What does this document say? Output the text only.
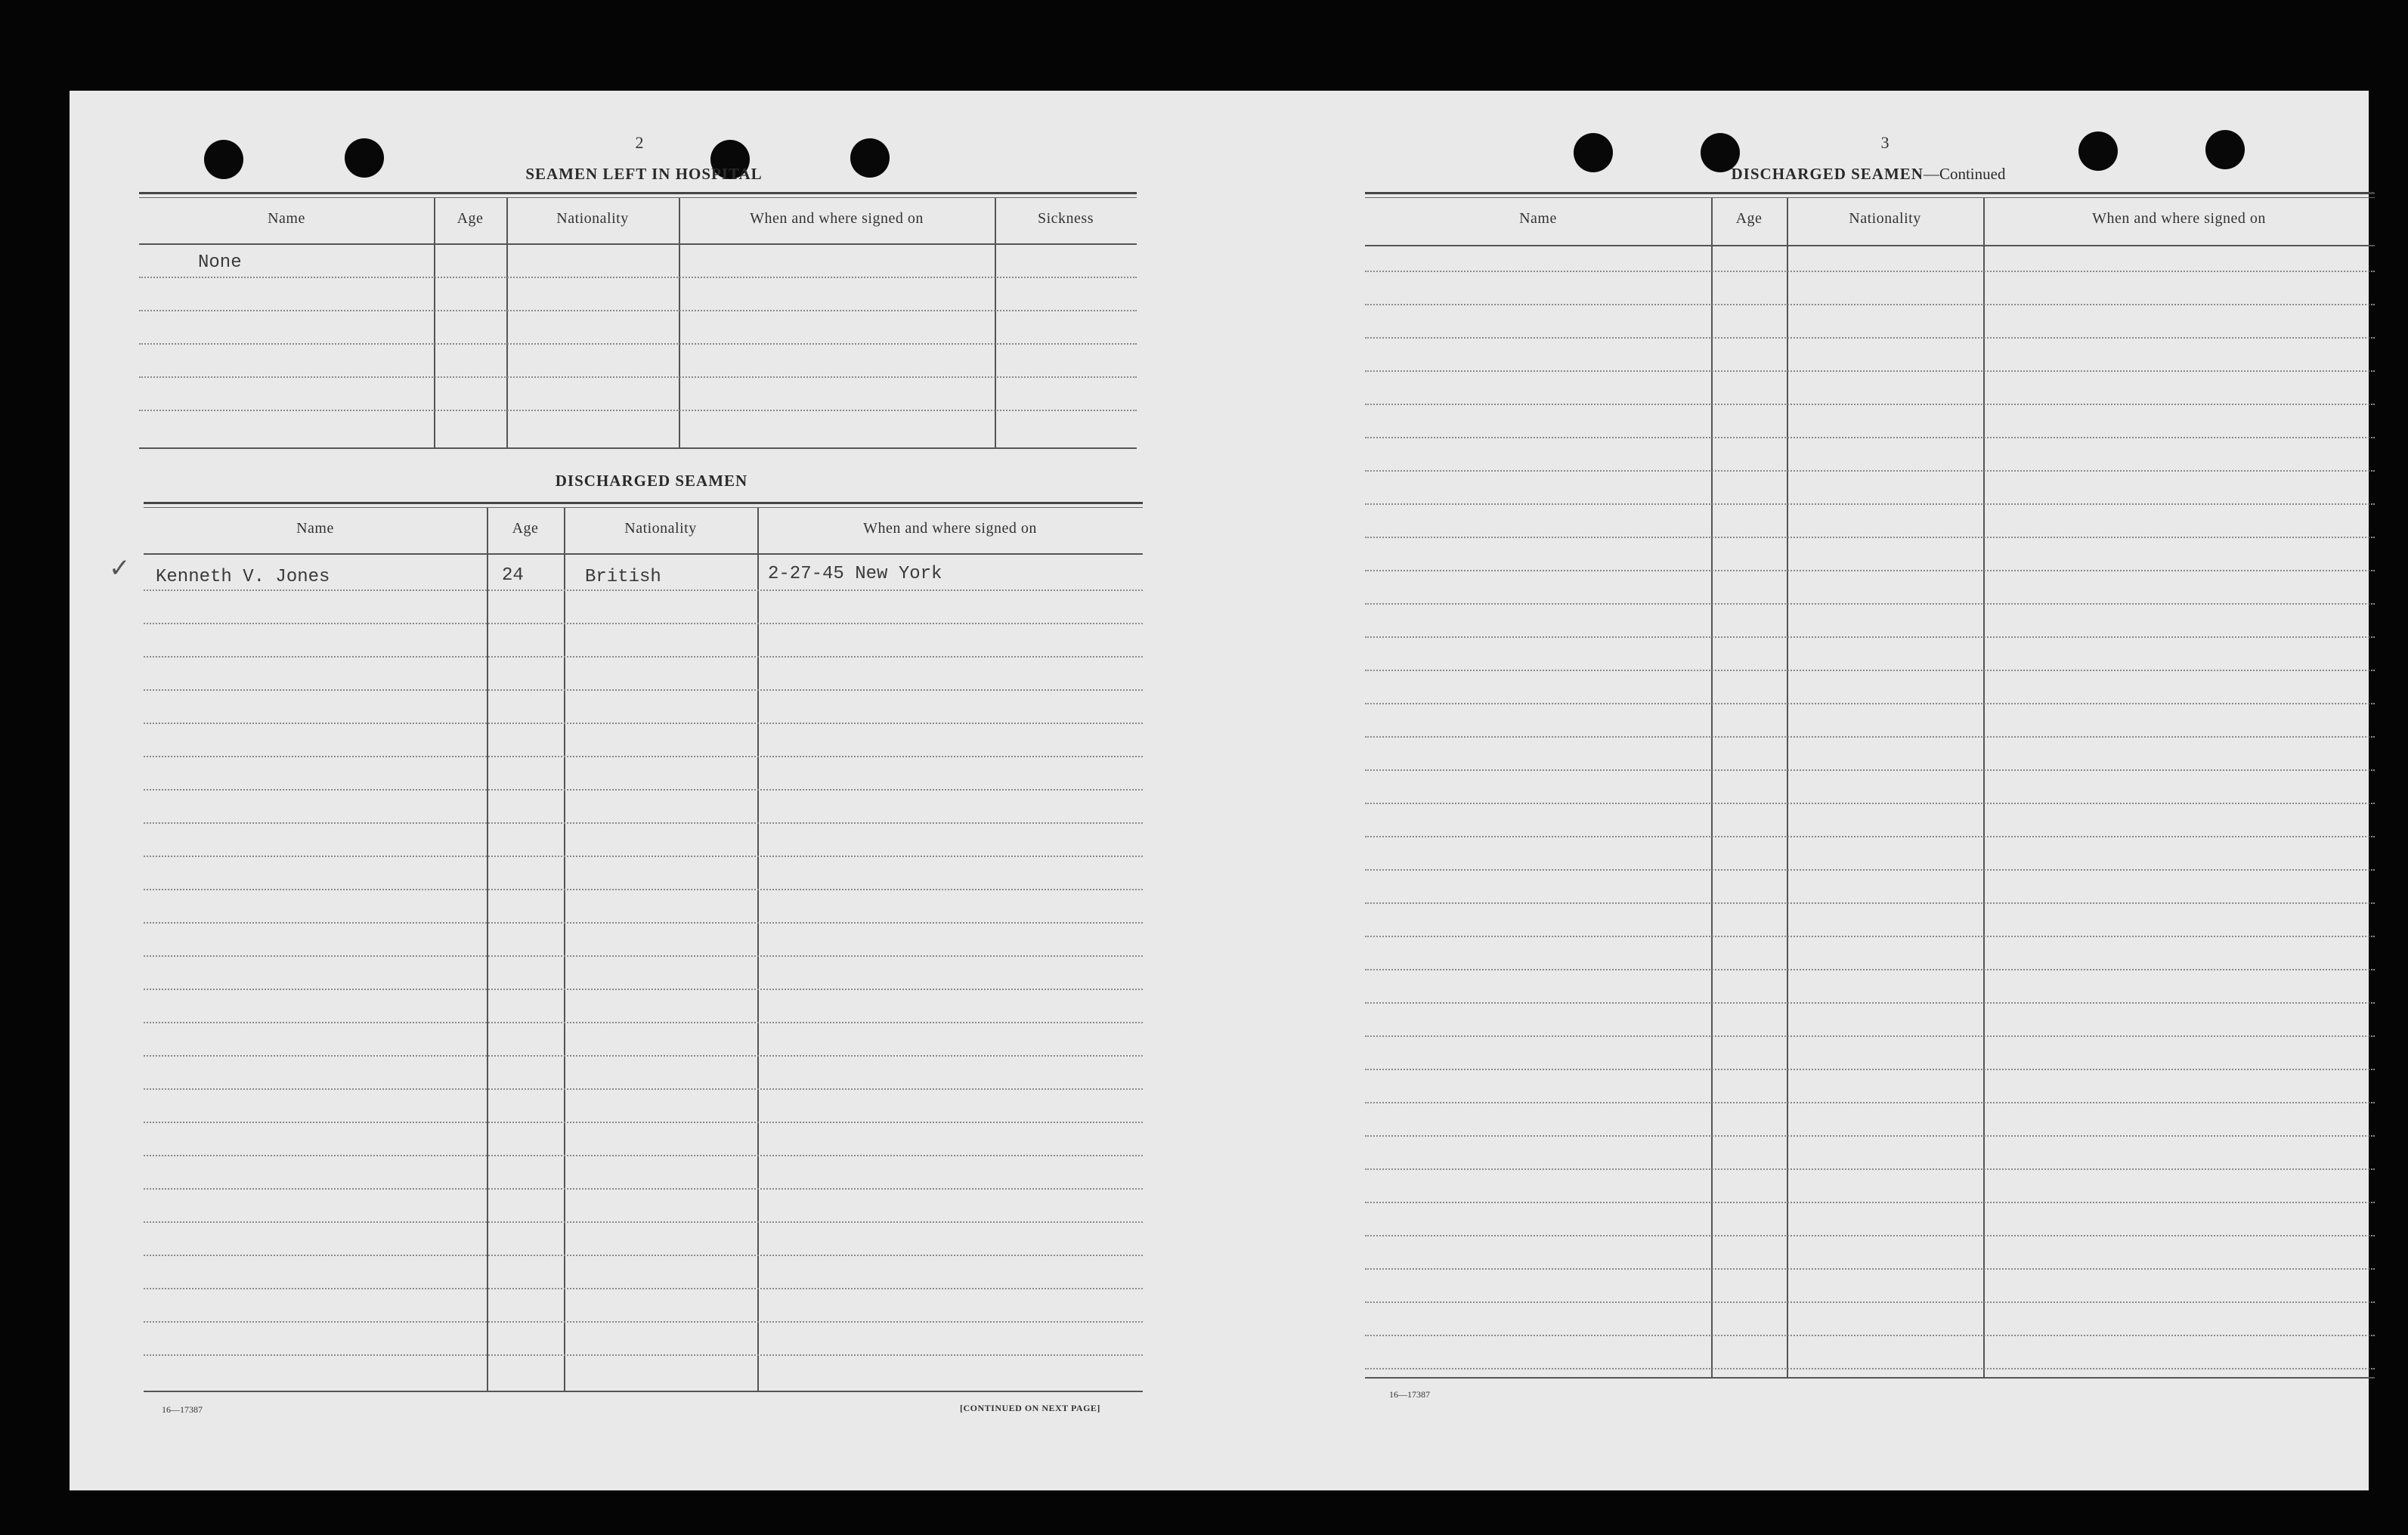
2
SEAMEN LEFT IN HOSPITAL
Name	Age	Nationality	When and where signed on	Sickness
None
DISCHARGED SEAMEN
Name	Age	Nationality	When and where signed on
✓ Kenneth V. Jones	24	British	2-27-45 New York
16—17387	[CONTINUED ON NEXT PAGE]
3
DISCHARGED SEAMEN—Continued
Name	Age	Nationality	When and where signed on
16—17387
